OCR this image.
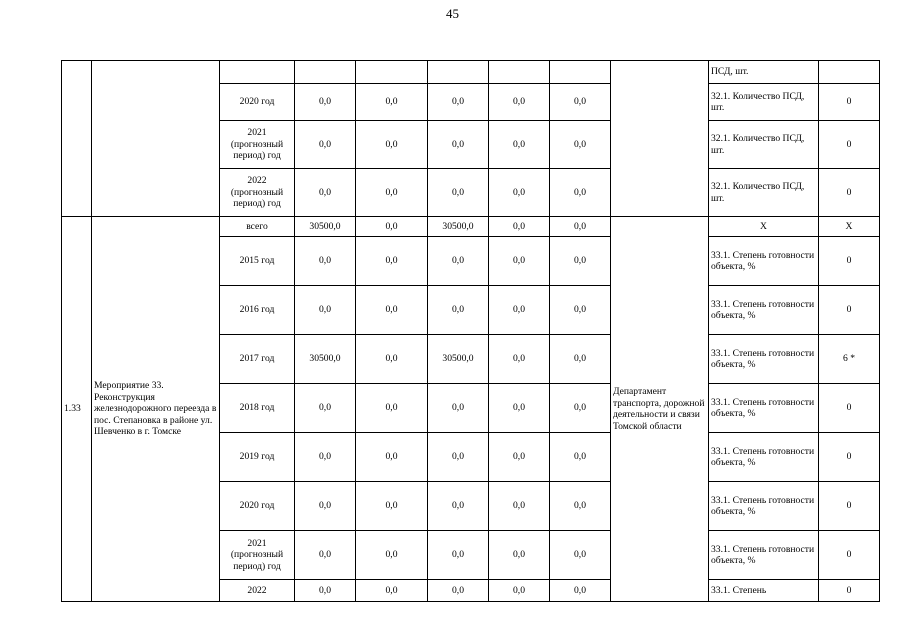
45
									ПСД, шт.	
		2020 год	0,0	0,0	0,0	0,0	0,0		32.1. Количество ПСД, шт.	0
		2021 (прогнозный период) год	0,0	0,0	0,0	0,0	0,0		32.1. Количество ПСД, шт.	0
		2022 (прогнозный период) год	0,0	0,0	0,0	0,0	0,0		32.1. Количество ПСД, шт.	0
1.33	Мероприятие 33. Реконструкция железнодорожного переезда в пос. Степановка в районе ул. Шевченко в г. Томске	всего	30500,0	0,0	30500,0	0,0	0,0	Департамент транспорта, дорожной деятельности и связи Томской области	Х	Х
		2015 год	0,0	0,0	0,0	0,0	0,0		33.1. Степень готовности объекта, %	0
		2016 год	0,0	0,0	0,0	0,0	0,0		33.1. Степень готовности объекта, %	0
		2017 год	30500,0	0,0	30500,0	0,0	0,0		33.1. Степень готовности объекта, %	6 *
		2018 год	0,0	0,0	0,0	0,0	0,0		33.1. Степень готовности объекта, %	0
		2019 год	0,0	0,0	0,0	0,0	0,0		33.1. Степень готовности объекта, %	0
		2020 год	0,0	0,0	0,0	0,0	0,0		33.1. Степень готовности объекта, %	0
		2021 (прогнозный период) год	0,0	0,0	0,0	0,0	0,0		33.1. Степень готовности объекта, %	0
		2022	0,0	0,0	0,0	0,0	0,0		33.1. Степень	0
